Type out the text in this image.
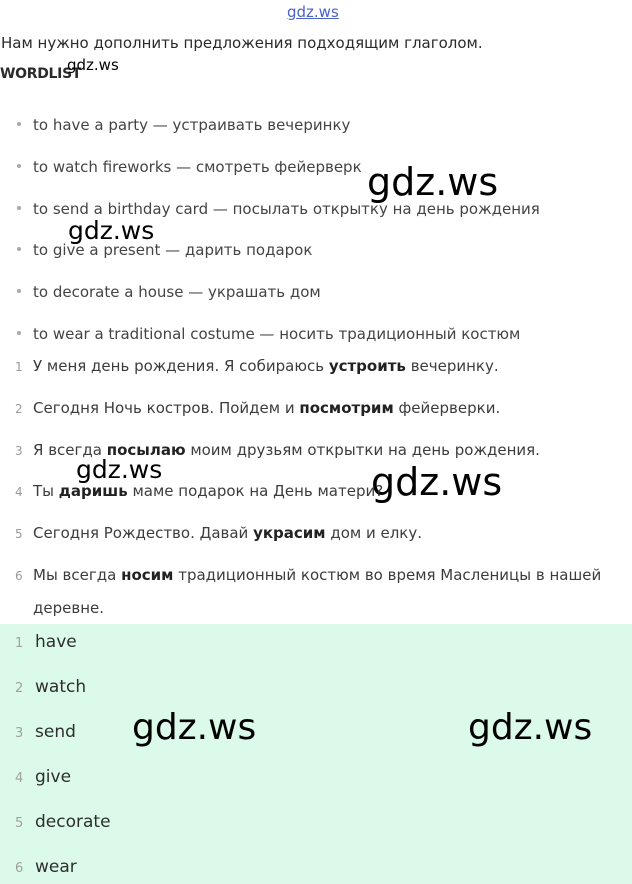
gdz.ws
Нам нужно дополнить предложения подходящим глаголом.
WORDLIST
gdz.ws
gdz.ws
gdz.ws
gdz.ws	gdz.ws
to have a party — устраивать вечеринку
to watch fireworks — смотреть фейерверк
to send a birthday card — посылать открытку на день рождения
to give a present — дарить подарок
to decorate a house — украшать дом
to wear a traditional costume — носить традиционный костюм
1 У меня день рождения. Я собираюсь устроить вечеринку.
2 Сегодня Ночь костров. Пойдем и посмотрим фейерверки.
3 Я всегда посылаю моим друзьям открытки на день рождения.
4 Ты даришь маме подарок на День матери?
5 Сегодня Рождество. Давай украсим дом и елку.
6 Мы всегда носим традиционный костюм во время Масленицы в нашей
деревне.
1 have
2 watch
3 send
4 give
5 decorate
6 wear
gdz.ws	gdz.ws
